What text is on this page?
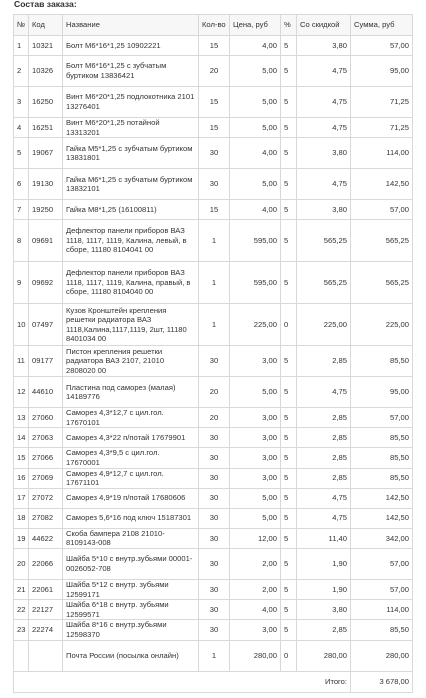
Состав заказа:
№	Код	Название	Кол-во	Цена, руб	%	Со скидкой	Сумма, руб
1	10321	Болт М6*16*1,25 10902221	15	4,00	5	3,80	57,00
2	10326	Болт М6*16*1,25 с зубчатым буртиком 13836421	20	5,00	5	4,75	95,00
3	16250	Винт М6*20*1,25 подлокотника 2101 13276401	15	5,00	5	4,75	71,25
4	16251	Винт М6*20*1,25 потайной 13313201	15	5,00	5	4,75	71,25
5	19067	Гайка М5*1,25 с зубчатым буртиком 13831801	30	4,00	5	3,80	114,00
6	19130	Гайка М6*1,25 с зубчатым буртиком 13832101	30	5,00	5	4,75	142,50
7	19250	Гайка М8*1,25 (16100811)	15	4,00	5	3,80	57,00
8	09691	Дефлектор панели приборов ВАЗ 1118, 1117, 1119, Калина, левый, в сборе, 11180 8104041 00	1	595,00	5	565,25	565,25
9	09692	Дефлектор панели приборов ВАЗ 1118, 1117, 1119, Калина, правый, в сборе, 11180 8104040 00	1	595,00	5	565,25	565,25
10	07497	Кузов Кронштейн крепления решетки радиатора ВАЗ 1118,Калина,1117,1119, 2шт, 11180 8401034 00	1	225,00	0	225,00	225,00
11	09177	Пистон крепления решетки радиатора ВАЗ 2107, 21010 2808020 00	30	3,00	5	2,85	85,50
12	44610	Пластина под саморез (малая) 14189776	20	5,00	5	4,75	95,00
13	27060	Саморез 4,3*12,7 с цил.гол. 17670101	20	3,00	5	2,85	57,00
14	27063	Саморез 4,3*22 п/потай 17679901	30	3,00	5	2,85	85,50
15	27066	Саморез 4,3*9,5 с цил.гол. 17670001	30	3,00	5	2,85	85,50
16	27069	Саморез 4,9*12,7 с цил.гол. 17671101	30	3,00	5	2,85	85,50
17	27072	Саморез 4,9*19 п/потай 17680606	30	5,00	5	4,75	142,50
18	27082	Саморез 5,6*16 под ключ 15187301	30	5,00	5	4,75	142,50
19	44622	Скоба бампера 2108 21010-8109143-008	30	12,00	5	11,40	342,00
20	22066	Шайба 5*10 с внутр.зубьями 00001-0026052-708	30	2,00	5	1,90	57,00
21	22061	Шайба 5*12 с внутр. зубьями 12599171	30	2,00	5	1,90	57,00
22	22127	Шайба 6*18 с внутр. зубьями 12599571	30	4,00	5	3,80	114,00
23	22274	Шайба 8*16 с внутр.зубьями 12598370	30	3,00	5	2,85	85,50
		Почта России (посылка онлайн)	1	280,00	0	280,00	280,00
Итого:							3 678,00
